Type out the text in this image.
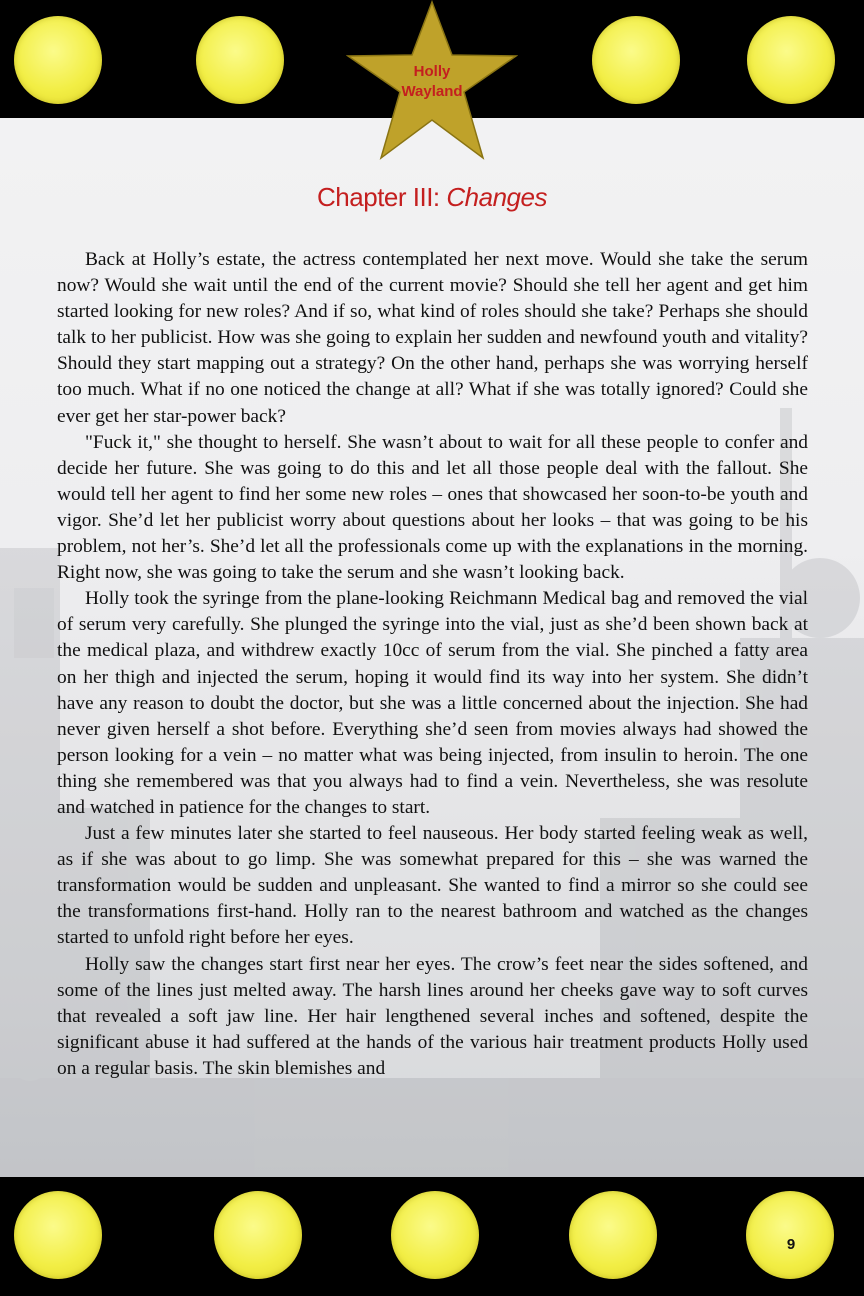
Holly
Wayland
Chapter III: Changes

Back at Holly’s estate, the actress contemplated her next move. Would she take the serum now? Would she wait until the end of the current movie? Should she tell her agent and get him started looking for new roles? And if so, what kind of roles should she take? Perhaps she should talk to her publicist. How was she going to explain her sudden and newfound youth and vitality? Should they start mapping out a strategy? On the other hand, perhaps she was worrying herself too much. What if no one noticed the change at all? What if she was totally ignored? Could she ever get her star-power back?

"Fuck it," she thought to herself. She wasn’t about to wait for all these people to confer and decide her future. She was going to do this and let all those people deal with the fallout. She would tell her agent to find her some new roles – ones that showcased her soon-to-be youth and vigor. She’d let her publicist worry about questions about her looks – that was going to be his problem, not her’s. She’d let all the professionals come up with the explanations in the morning. Right now, she was going to take the serum and she wasn’t looking back.

Holly took the syringe from the plane-looking Reichmann Medical bag and removed the vial of serum very carefully. She plunged the syringe into the vial, just as she’d been shown back at the medical plaza, and withdrew exactly 10cc of serum from the vial. She pinched a fatty area on her thigh and injected the serum, hoping it would find its way into her system. She didn’t have any reason to doubt the doctor, but she was a little concerned about the injection. She had never given herself a shot before. Everything she’d seen from movies always had showed the person looking for a vein – no matter what was being injected, from insulin to heroin. The one thing she remembered was that you always had to find a vein. Nevertheless, she was resolute and watched in patience for the changes to start.

Just a few minutes later she started to feel nauseous. Her body started feeling weak as well, as if she was about to go limp. She was somewhat prepared for this – she was warned the transformation would be sudden and unpleasant. She wanted to find a mirror so she could see the transformations first-hand. Holly ran to the nearest bathroom and watched as the changes started to unfold right before her eyes.

Holly saw the changes start first near her eyes. The crow’s feet near the sides softened, and some of the lines just melted away. The harsh lines around her cheeks gave way to soft curves that revealed a soft jaw line. Her hair lengthened several inches and softened, despite the significant abuse it had suffered at the hands of the various hair treatment products Holly used on a regular basis. The skin blemishes and

9
